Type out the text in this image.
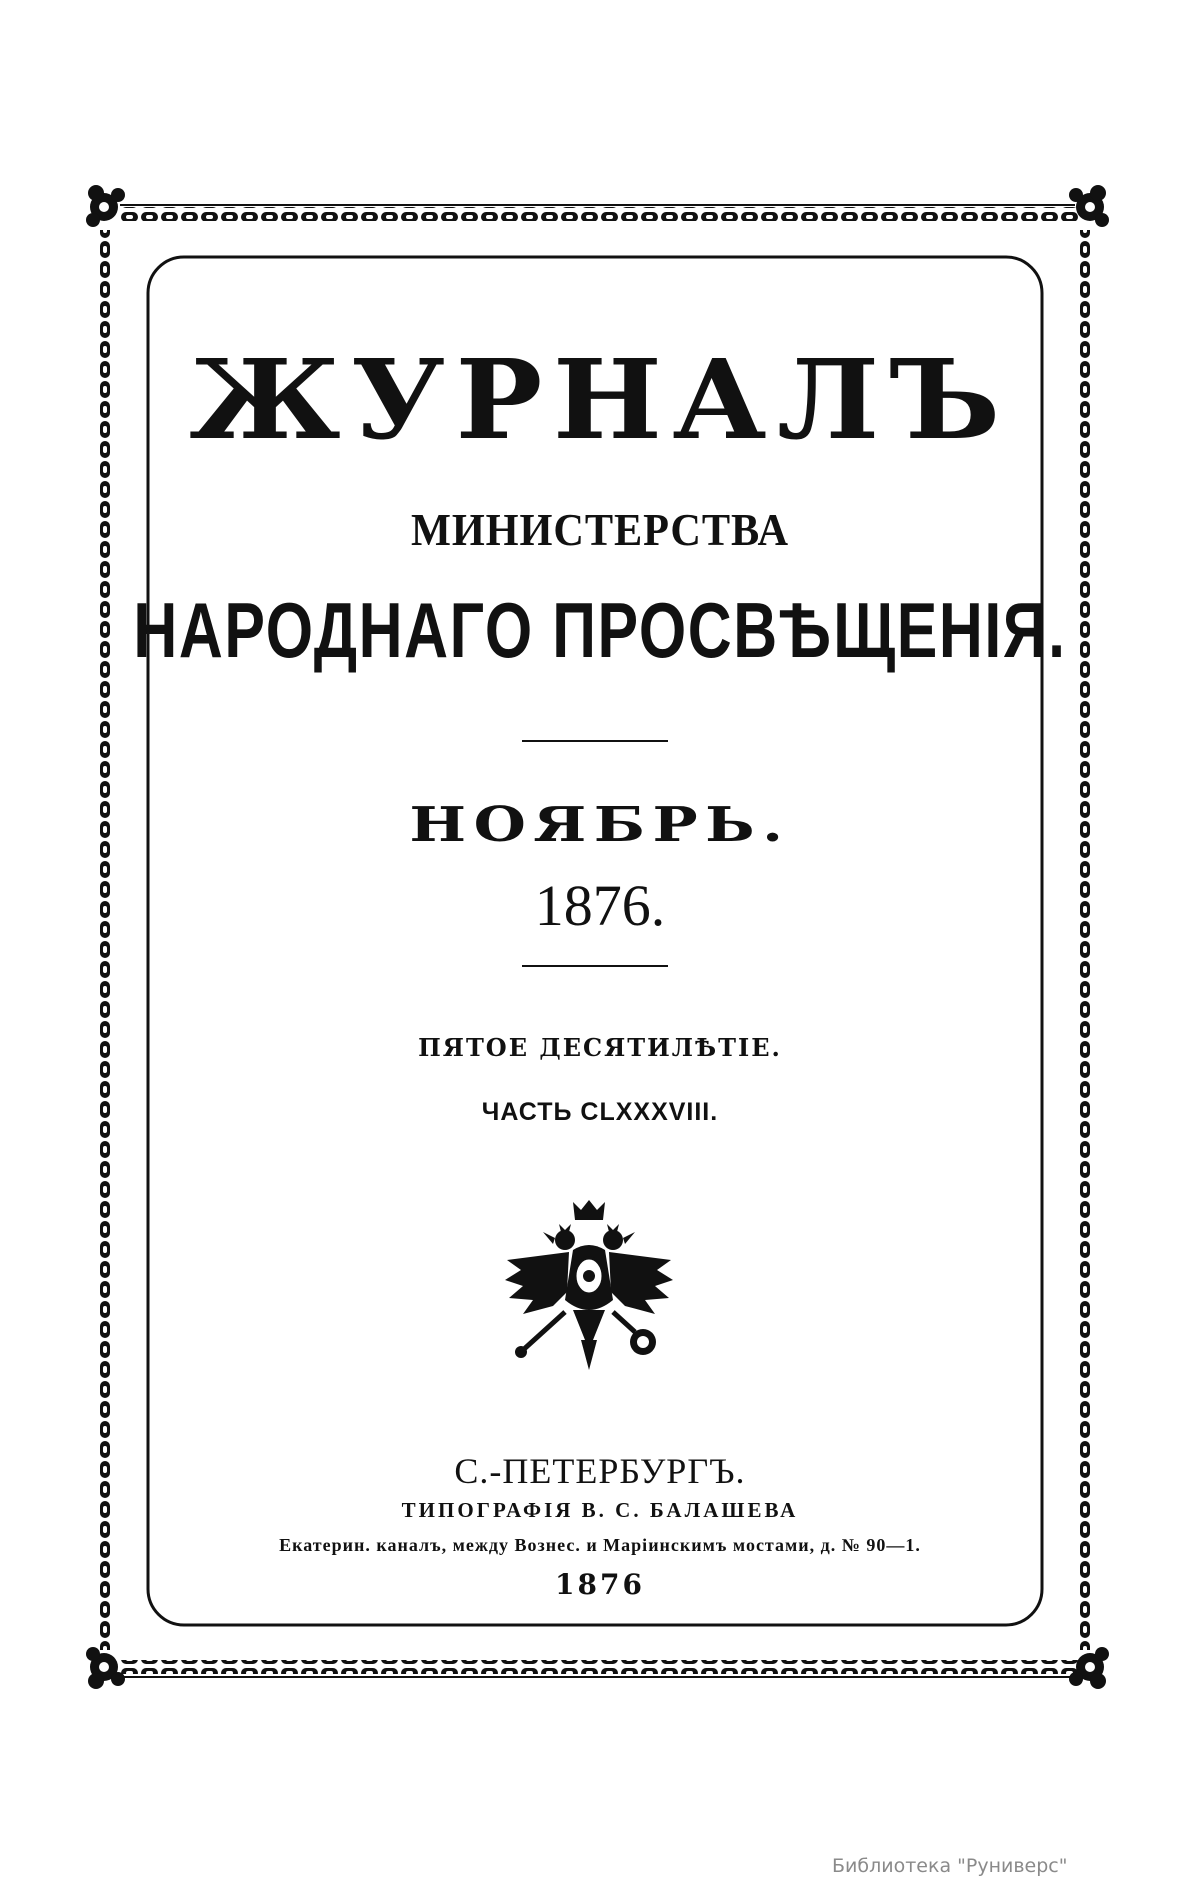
ЖУРНАЛЪ
МИНИСТЕРСТВА
НАРОДНАГО ПРОСВѢЩЕНІЯ.
НОЯБРЬ.
1876.
ПЯТОЕ ДЕСЯТИЛѢТІЕ.
ЧАСТЬ CLXXXVIII.
С.-ПЕТЕРБУРГЪ.
ТИПОГРАФІЯ В. С. БАЛАШЕВА
Екатерин. каналъ, между Вознес. и Маріинскимъ мостами, д. № 90—1.
1876
Библиотека "Руниверс"
